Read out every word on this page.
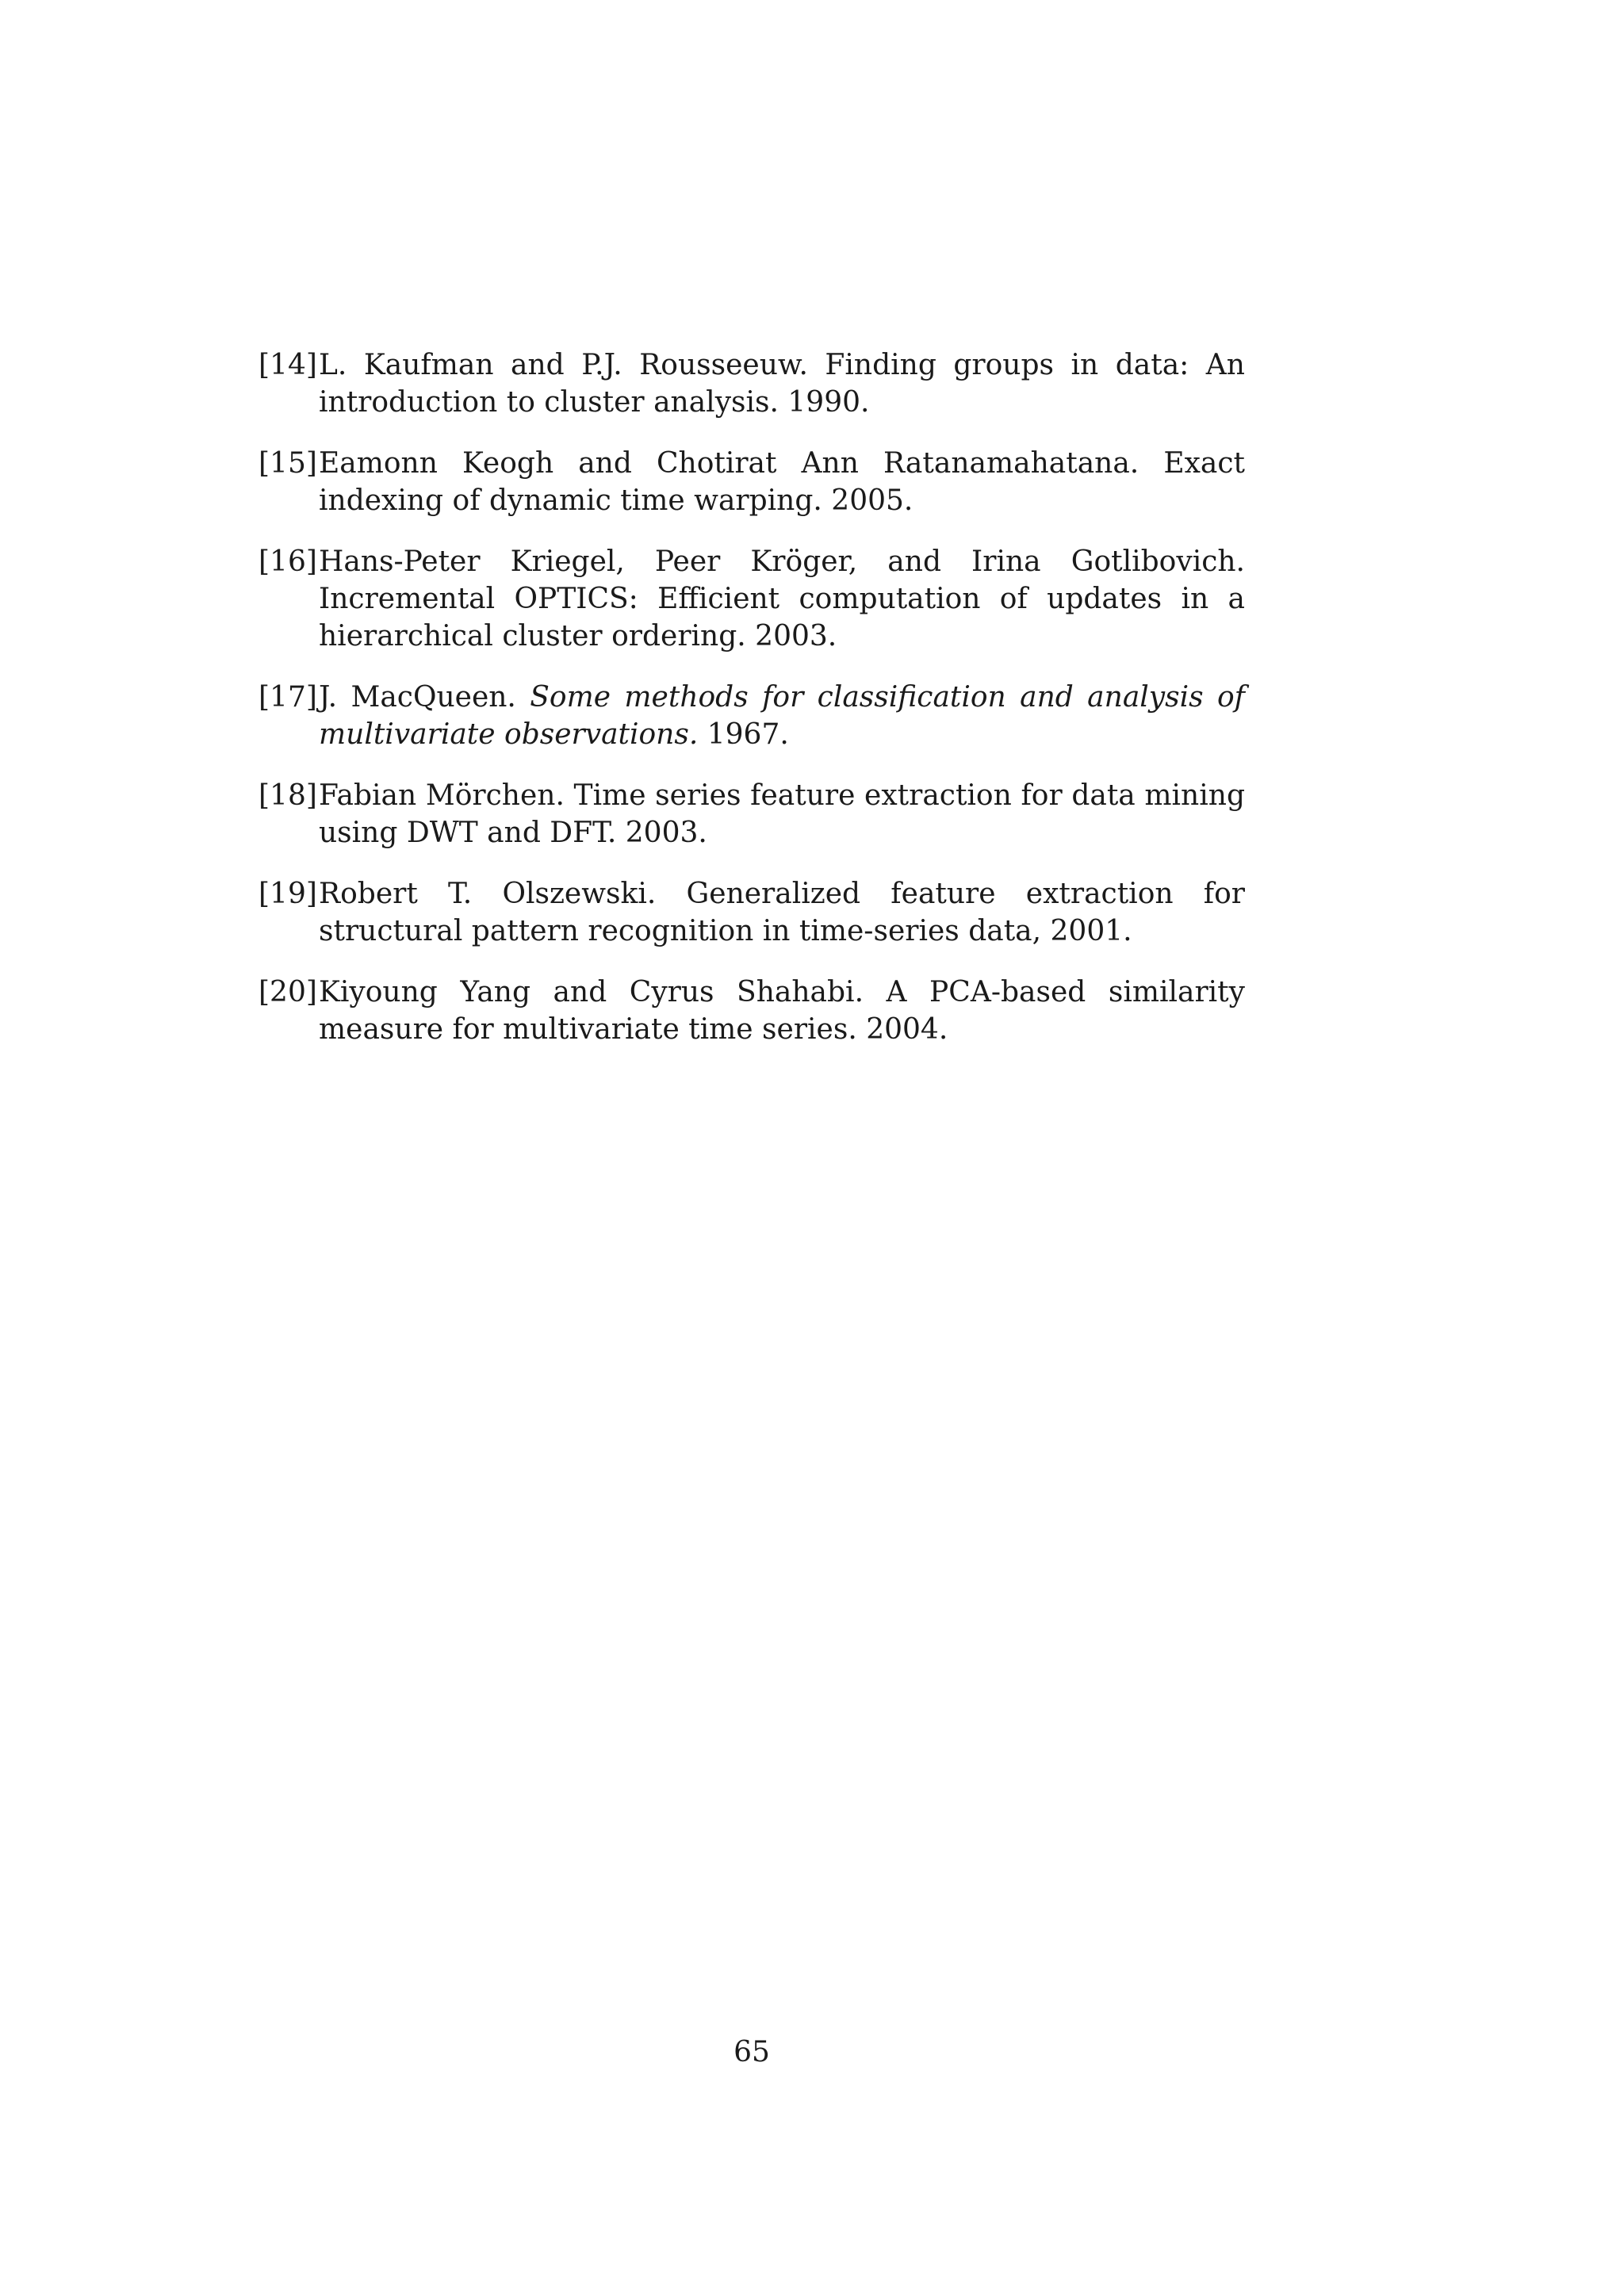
[14] L. Kaufman and P.J. Rousseeuw. Finding groups in data: An introduction to cluster analysis. 1990.
[15] Eamonn Keogh and Chotirat Ann Ratanamahatana. Exact indexing of dynamic time warping. 2005.
[16] Hans-Peter Kriegel, Peer Kröger, and Irina Gotlibovich. Incremental OPTICS: Efficient computation of updates in a hierarchical cluster ordering. 2003.
[17] J. MacQueen. Some methods for classification and analysis of multivariate observations. 1967.
[18] Fabian Mörchen. Time series feature extraction for data mining using DWT and DFT. 2003.
[19] Robert T. Olszewski. Generalized feature extraction for structural pattern recognition in time-series data, 2001.
[20] Kiyoung Yang and Cyrus Shahabi. A PCA-based similarity measure for multivariate time series. 2004.
65
